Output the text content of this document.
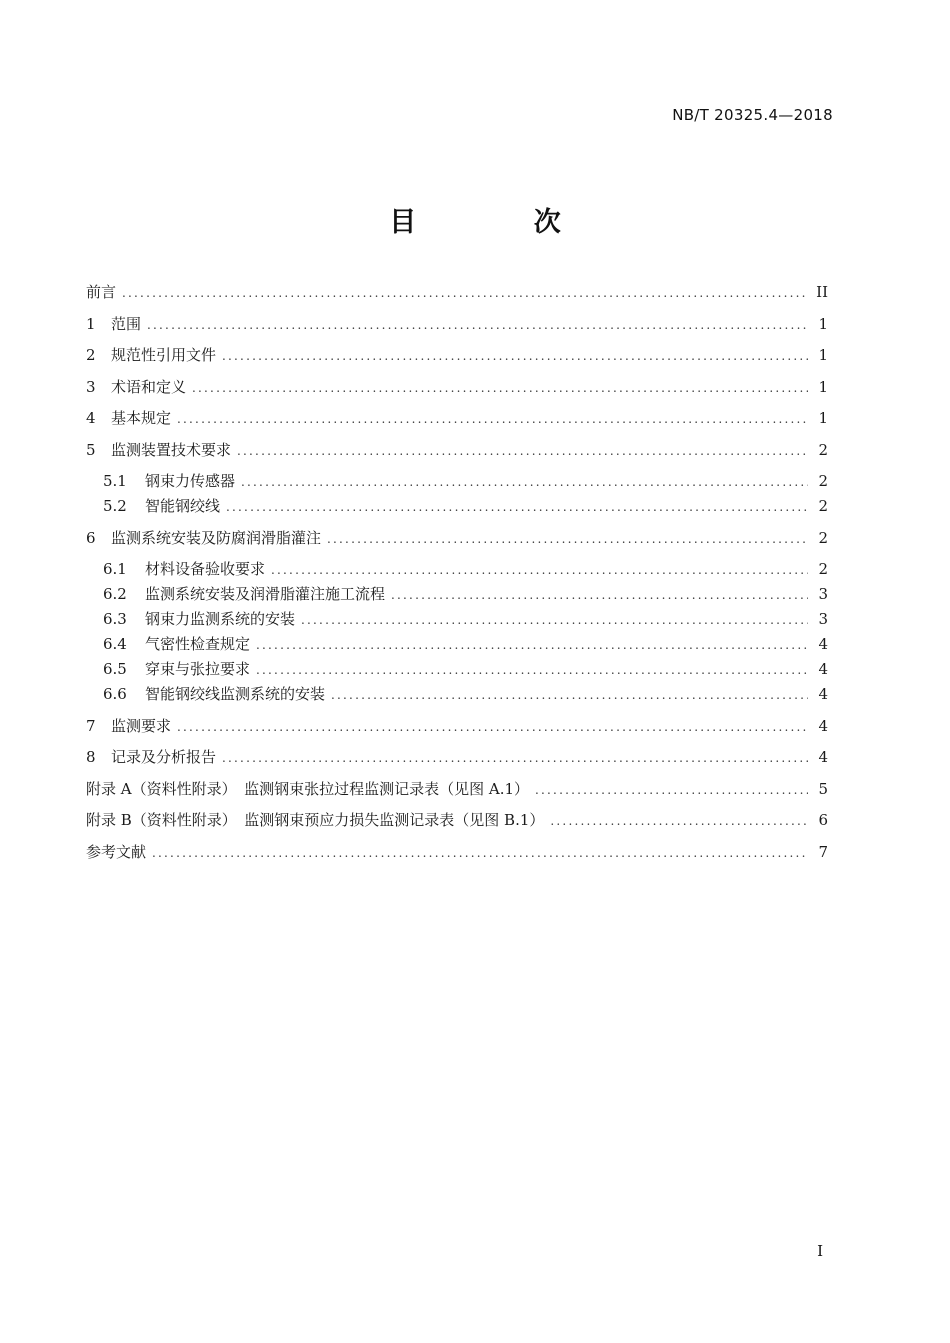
NB/T 20325.4—2018
目 次
前言 .....	II
1	范围 .....	1
2	规范性引用文件 .....	1
3	术语和定义 .....	1
4	基本规定 .....	1
5	监测装置技术要求 .....	2
5.1	钢束力传感器 .....	2
5.2	智能钢绞线 .....	2
6	监测系统安装及防腐润滑脂灌注 .....	2
6.1	材料设备验收要求 .....	2
6.2	监测系统安装及润滑脂灌注施工流程 .....	3
6.3	钢束力监测系统的安装 .....	3
6.4	气密性检查规定 .....	4
6.5	穿束与张拉要求 .....	4
6.6	智能钢绞线监测系统的安装 .....	4
7	监测要求 .....	4
8	记录及分析报告 .....	4
附录 A（资料性附录）　监测钢束张拉过程监测记录表（见图 A.1） .....	5
附录 B（资料性附录）　监测钢束预应力损失监测记录表（见图 B.1） .....	6
参考文献 .....	7
I
